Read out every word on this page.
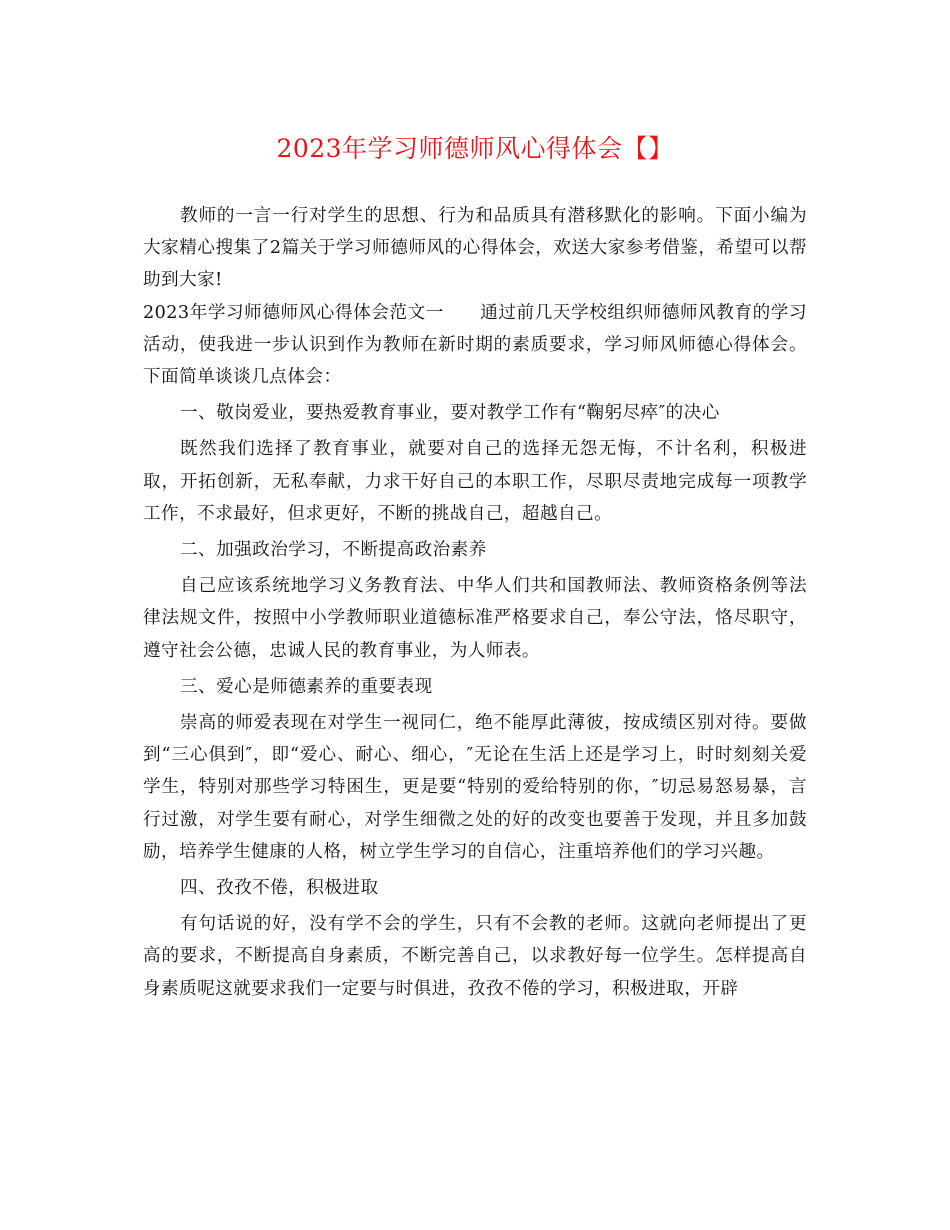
2023年学习师德师风心得体会【】

教师的一言一行对学生的思想、行为和品质具有潜移默化的影响。下面小编为大家精心搜集了2篇关于学习师德师风的心得体会，欢送大家参考借鉴，希望可以帮助到大家!

2023年学习师德师风心得体会范文一　　通过前几天学校组织师德师风教育的学习活动，使我进一步认识到作为教师在新时期的素质要求，学习师风师德心得体会。下面简单谈谈几点体会：

一、敬岗爱业，要热爱教育事业，要对教学工作有“鞠躬尽瘁″的决心

既然我们选择了教育事业，就要对自己的选择无怨无悔，不计名利，积极进取，开拓创新，无私奉献，力求干好自己的本职工作，尽职尽责地完成每一项教学工作，不求最好，但求更好，不断的挑战自己，超越自己。

二、加强政治学习，不断提高政治素养

自己应该系统地学习义务教育法、中华人们共和国教师法、教师资格条例等法律法规文件，按照中小学教师职业道德标准严格要求自己，奉公守法，恪尽职守，遵守社会公德，忠诚人民的教育事业，为人师表。

三、爱心是师德素养的重要表现

崇高的师爱表现在对学生一视同仁，绝不能厚此薄彼，按成绩区别对待。要做到“三心俱到″，即“爱心、耐心、细心，″无论在生活上还是学习上，时时刻刻关爱学生，特别对那些学习特困生，更是要“特别的爱给特别的你，″切忌易怒易暴，言行过激，对学生要有耐心，对学生细微之处的好的改变也要善于发现，并且多加鼓励，培养学生健康的人格，树立学生学习的自信心，注重培养他们的学习兴趣。

四、孜孜不倦，积极进取

有句话说的好，没有学不会的学生，只有不会教的老师。这就向老师提出了更高的要求，不断提高自身素质，不断完善自己，以求教好每一位学生。怎样提高自身素质呢这就要求我们一定要与时俱进，孜孜不倦的学习，积极进取，开辟
